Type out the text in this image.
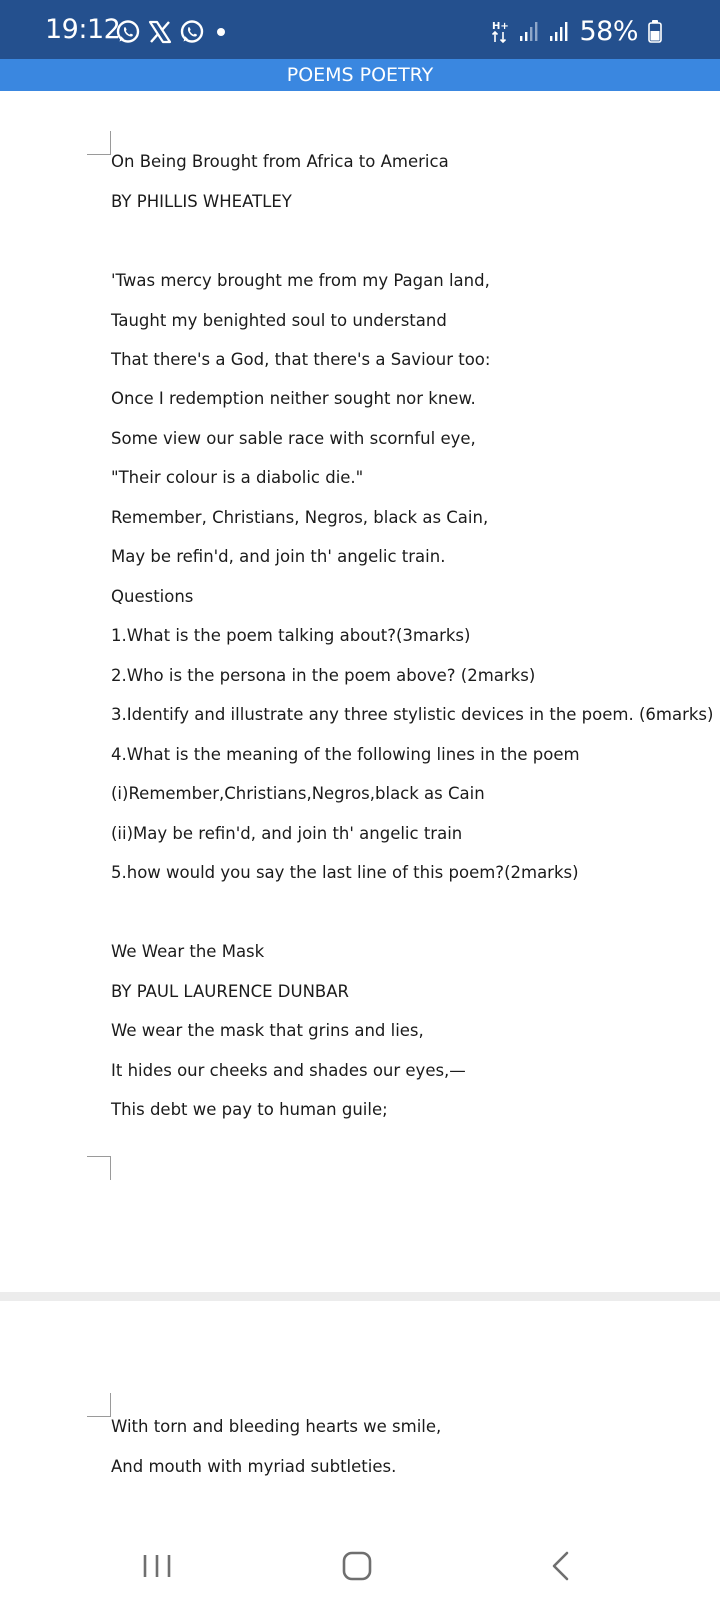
19:12	H+	58%
POEMS POETRY
On Being Brought from Africa to America
BY PHILLIS WHEATLEY
'Twas mercy brought me from my Pagan land,
Taught my benighted soul to understand
That there's a God, that there's a Saviour too:
Once I redemption neither sought nor knew.
Some view our sable race with scornful eye,
"Their colour is a diabolic die."
Remember, Christians, Negros, black as Cain,
May be refin'd, and join th' angelic train.
Questions
1.What is the poem talking about?(3marks)
2.Who is the persona in the poem above? (2marks)
3.Identify and illustrate any three stylistic devices in the poem. (6marks)
4.What is the meaning of the following lines in the poem
(i)Remember,Christians,Negros,black as Cain
(ii)May be refin'd, and join th' angelic train
5.how would you say the last line of this poem?(2marks)
We Wear the Mask
BY PAUL LAURENCE DUNBAR
We wear the mask that grins and lies,
It hides our cheeks and shades our eyes,—
This debt we pay to human guile;
With torn and bleeding hearts we smile,
And mouth with myriad subtleties.
